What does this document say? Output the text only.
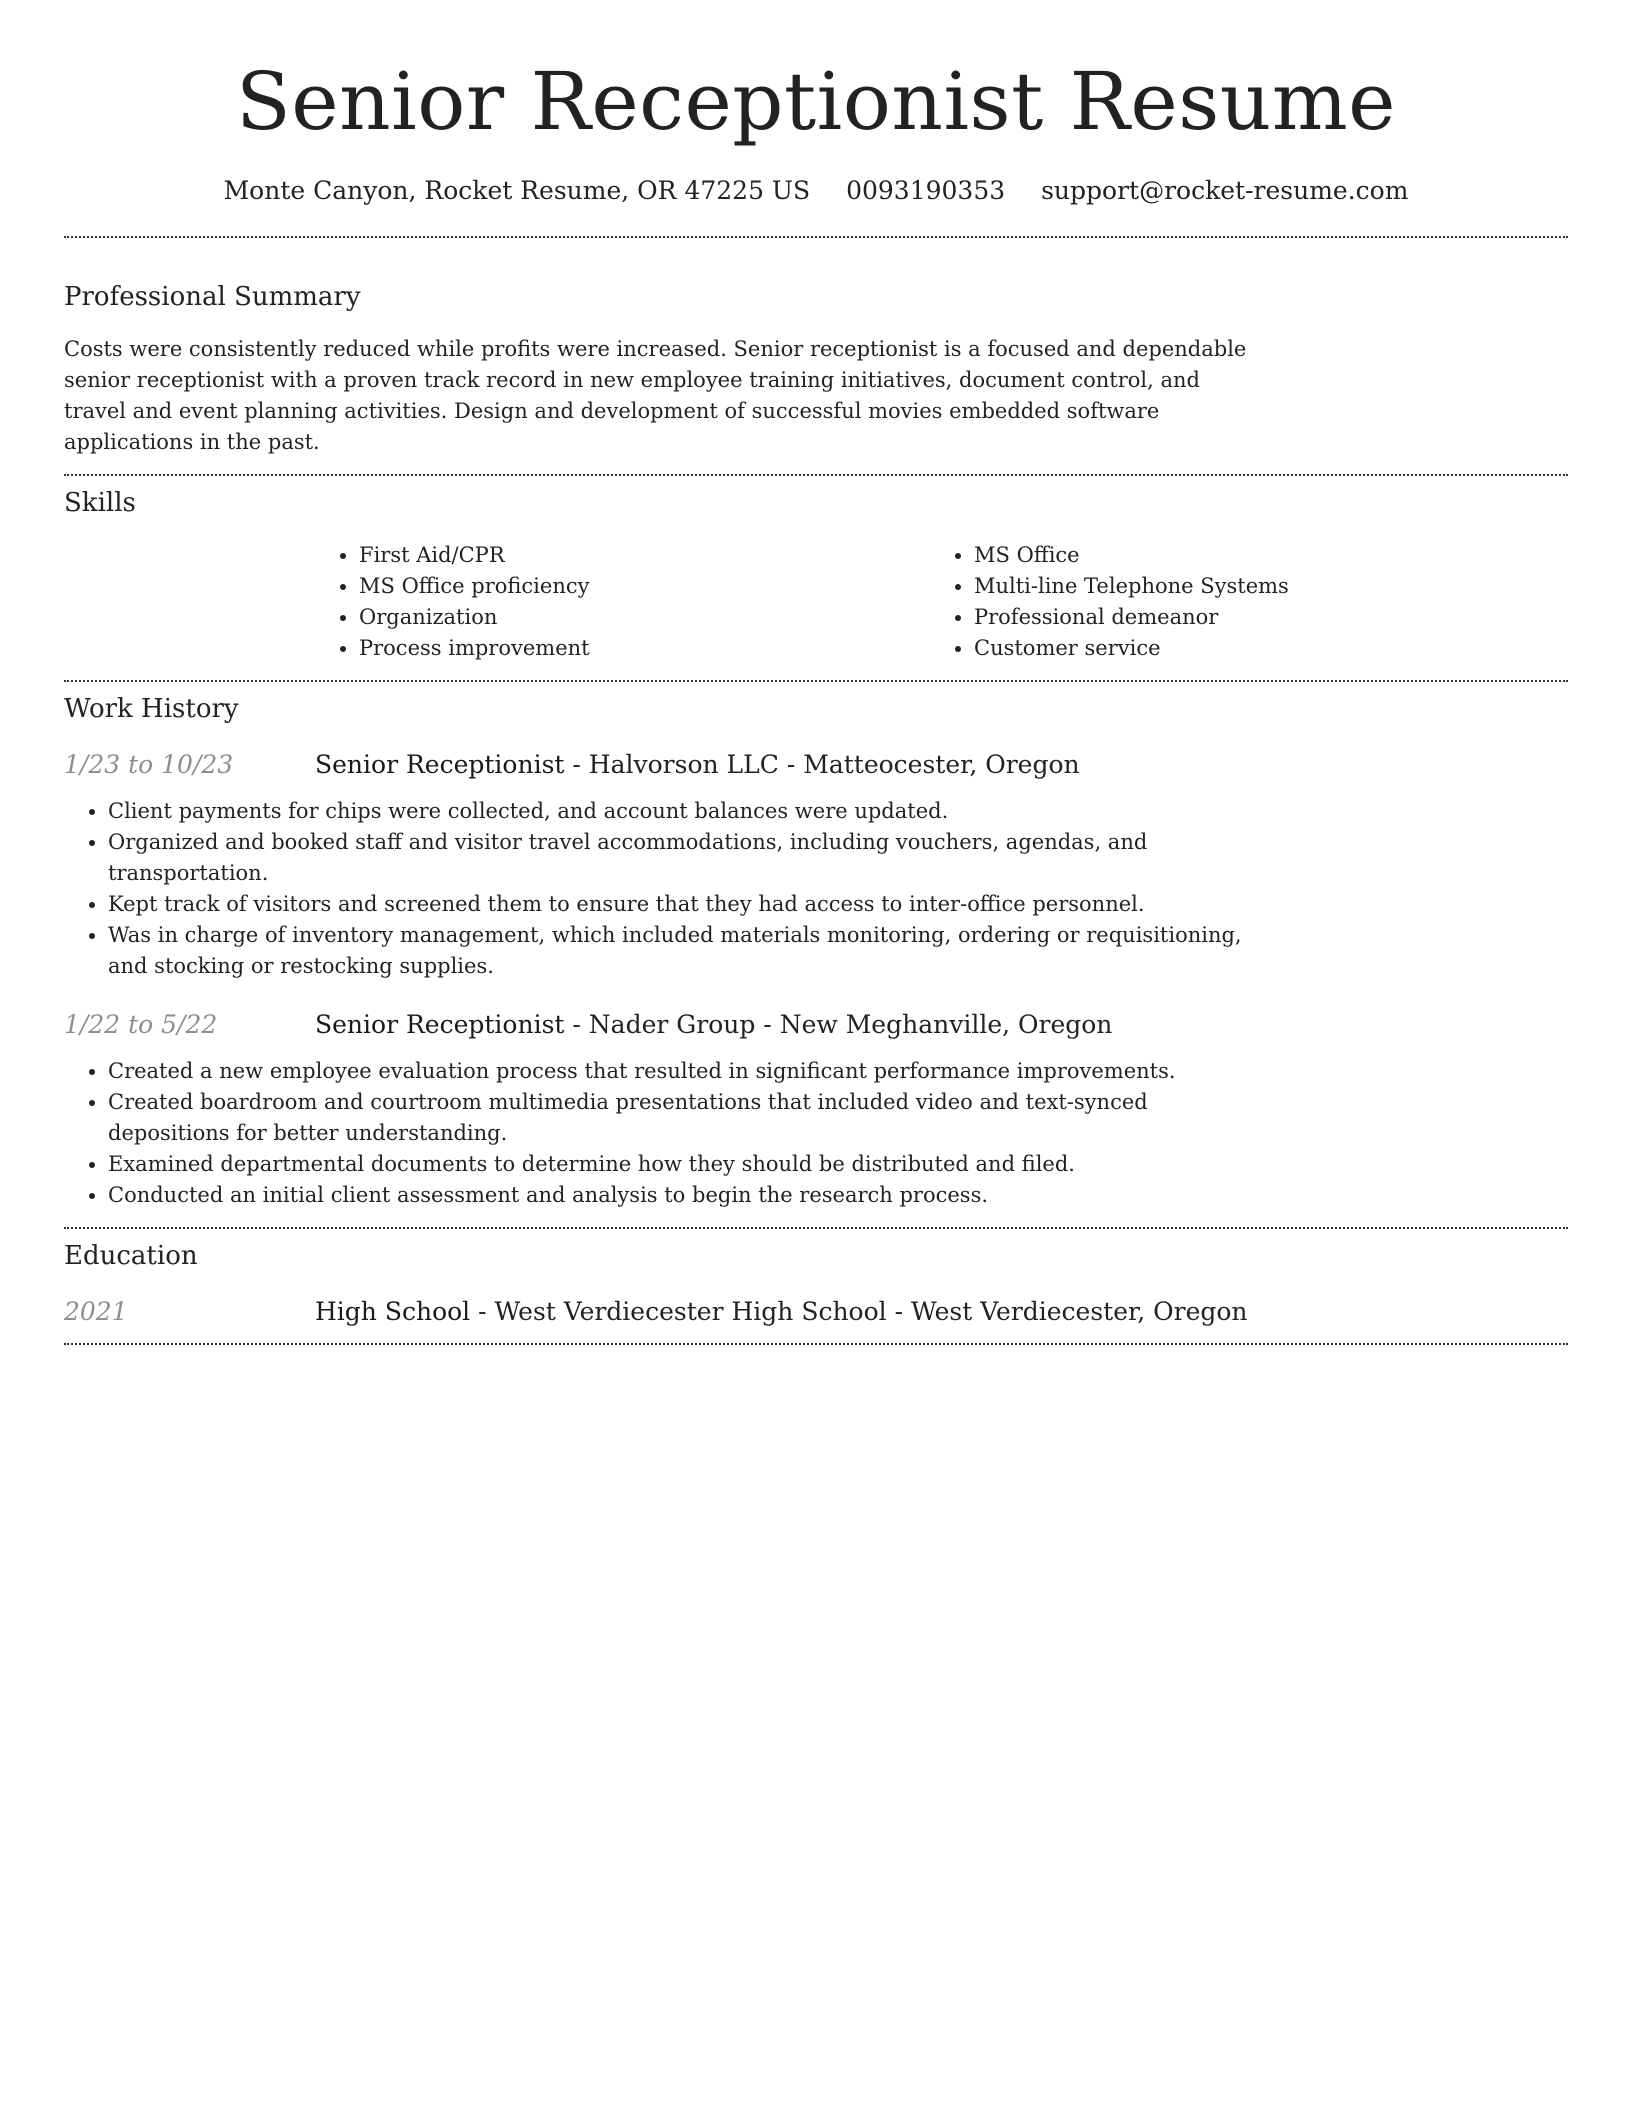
Senior Receptionist Resume
Monte Canyon, Rocket Resume, OR 47225 US 0093190353 support@rocket-resume.com
Professional Summary

Costs were consistently reduced while profits were increased. Senior receptionist is a focused and dependable senior receptionist with a proven track record in new employee training initiatives, document control, and travel and event planning activities. Design and development of successful movies embedded software applications in the past.

Skills
• First Aid/CPR
• MS Office proficiency
• Organization
• Process improvement
• MS Office
• Multi-line Telephone Systems
• Professional demeanor
• Customer service
Work History
1/23 to 10/23	Senior Receptionist - Halvorson LLC - Matteocester, Oregon
• Client payments for chips were collected, and account balances were updated.
• Organized and booked staff and visitor travel accommodations, including vouchers, agendas, and transportation.
• Kept track of visitors and screened them to ensure that they had access to inter-office personnel.
• Was in charge of inventory management, which included materials monitoring, ordering or requisitioning, and stocking or restocking supplies.
1/22 to 5/22	Senior Receptionist - Nader Group - New Meghanville, Oregon
• Created a new employee evaluation process that resulted in significant performance improvements.
• Created boardroom and courtroom multimedia presentations that included video and text-synced depositions for better understanding.
• Examined departmental documents to determine how they should be distributed and filed.
• Conducted an initial client assessment and analysis to begin the research process.
Education
2021	High School - West Verdiecester High School - West Verdiecester, Oregon
